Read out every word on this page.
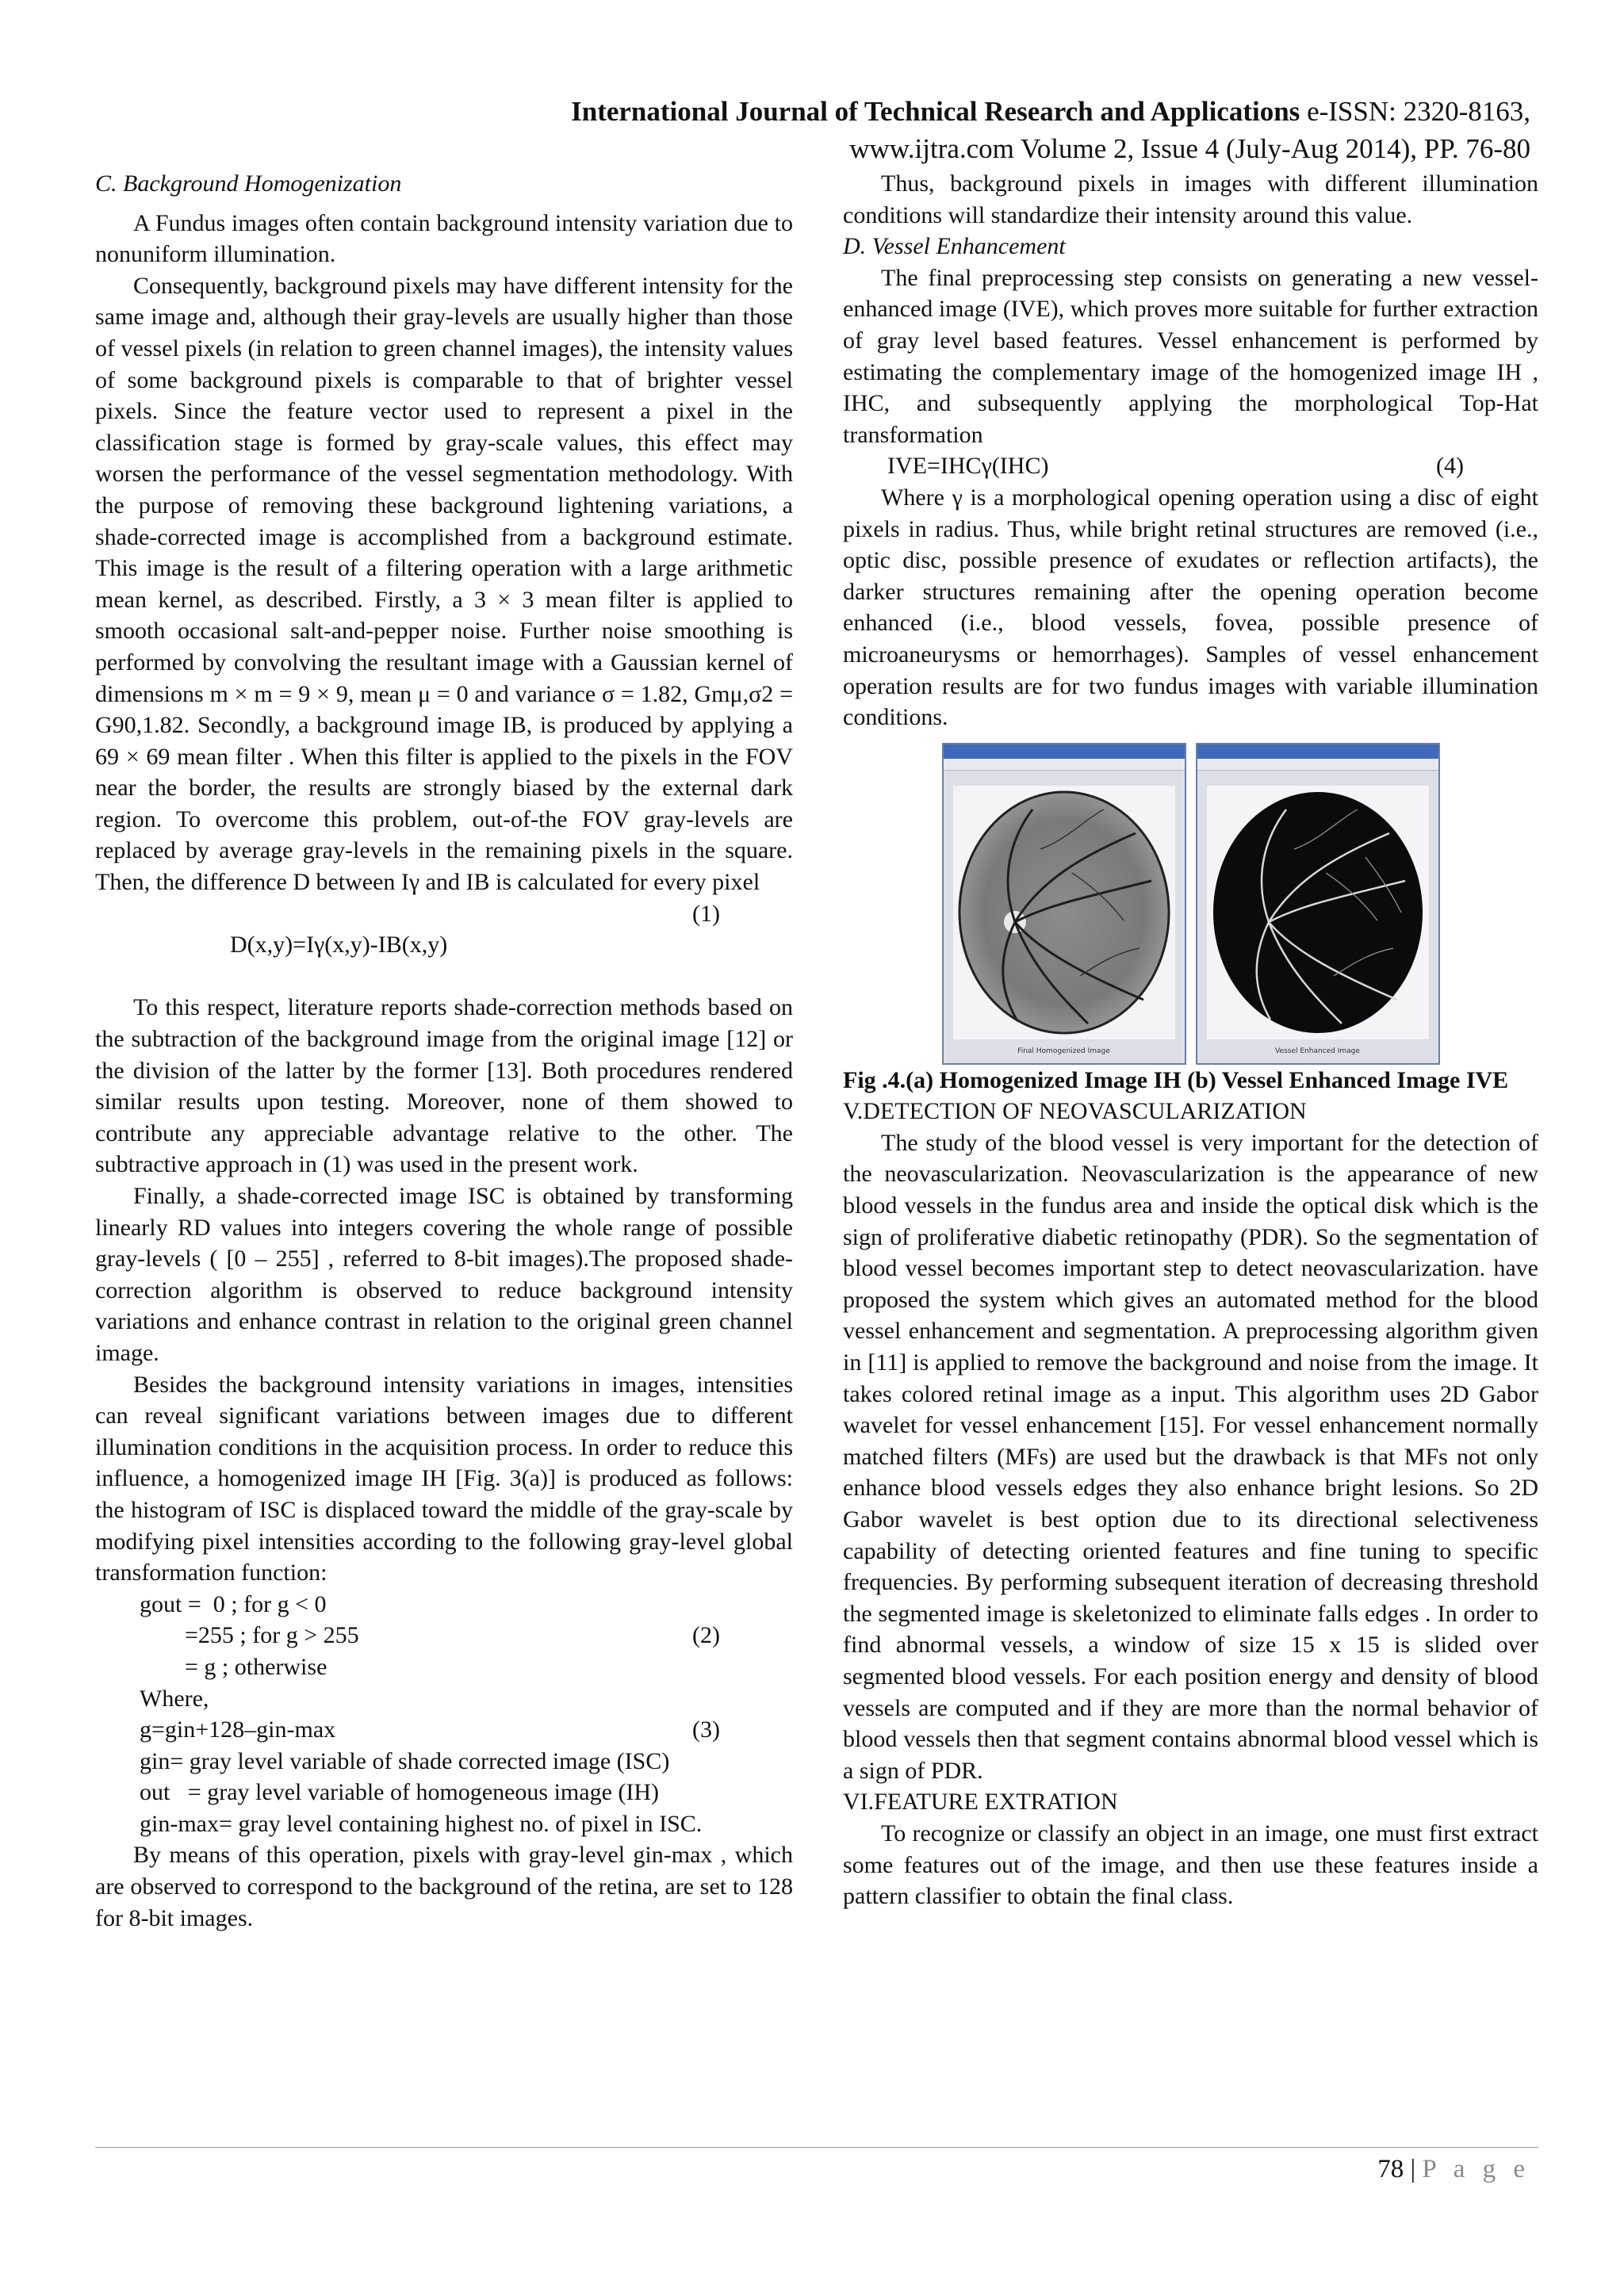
International Journal of Technical Research and Applications e-ISSN: 2320-8163,
www.ijtra.com Volume 2, Issue 4 (July-Aug 2014), PP. 76-80

C. Background Homogenization

A Fundus images often contain background intensity variation due to nonuniform illumination.

Consequently, background pixels may have different intensity for the same image and, although their gray-levels are usually higher than those of vessel pixels (in relation to green channel images), the intensity values of some background pixels is comparable to that of brighter vessel pixels. Since the feature vector used to represent a pixel in the classification stage is formed by gray-scale values, this effect may worsen the performance of the vessel segmentation methodology. With the purpose of removing these background lightening variations, a shade-corrected image is accomplished from a background estimate. This image is the result of a filtering operation with a large arithmetic mean kernel, as described. Firstly, a 3 × 3 mean filter is applied to smooth occasional salt-and-pepper noise. Further noise smoothing is performed by convolving the resultant image with a Gaussian kernel of dimensions m × m = 9 × 9, mean μ = 0 and variance σ = 1.82, Gmμ,σ2 = G90,1.82. Secondly, a background image IB, is produced by applying a 69 × 69 mean filter . When this filter is applied to the pixels in the FOV near the border, the results are strongly biased by the external dark region. To overcome this problem, out-of-the FOV gray-levels are replaced by average gray-levels in the remaining pixels in the square. Then, the difference D between Iγ and IB is calculated for every pixel

D(x,y)=Iγ(x,y)-IB(x,y)
(1)

To this respect, literature reports shade-correction methods based on the subtraction of the background image from the original image [12] or the division of the latter by the former [13]. Both procedures rendered similar results upon testing. Moreover, none of them showed to contribute any appreciable advantage relative to the other. The subtractive approach in (1) was used in the present work.

Finally, a shade-corrected image ISC is obtained by transforming linearly RD values into integers covering the whole range of possible gray-levels ( [0 – 255] , referred to 8-bit images).The proposed shade-correction algorithm is observed to reduce background intensity variations and enhance contrast in relation to the original green channel image.

Besides the background intensity variations in images, intensities can reveal significant variations between images due to different illumination conditions in the acquisition process. In order to reduce this influence, a homogenized image IH [Fig. 3(a)] is produced as follows: the histogram of ISC is displaced toward the middle of the gray-scale by modifying pixel intensities according to the following gray-level global transformation function:

gout =  0 ; for g < 0
=255 ; for g > 255	(2)
= g ; otherwise
Where,
g=gin+128–gin-max	(3)
gin= gray level variable of shade corrected image (ISC)
out   = gray level variable of homogeneous image (IH)
gin-max= gray level containing highest no. of pixel in ISC.

By means of this operation, pixels with gray-level gin-max , which are observed to correspond to the background of the retina, are set to 128 for 8-bit images.

Thus, background pixels in images with different illumination conditions will standardize their intensity around this value.

D. Vessel Enhancement

The final preprocessing step consists on generating a new vessel-enhanced image (IVE), which proves more suitable for further extraction of gray level based features. Vessel enhancement is performed by estimating the complementary image of the homogenized image IH , IHC, and subsequently applying the morphological Top-Hat transformation

IVE=IHCγ(IHC)	(4)

Where γ is a morphological opening operation using a disc of eight pixels in radius. Thus, while bright retinal structures are removed (i.e., optic disc, possible presence of exudates or reflection artifacts), the darker structures remaining after the opening operation become enhanced (i.e., blood vessels, fovea, possible presence of microaneurysms or hemorrhages). Samples of vessel enhancement operation results are for two fundus images with variable illumination conditions.

Final Homogenized Image	Vessel Enhanced Image

Fig .4.(a) Homogenized Image IH (b) Vessel Enhanced Image IVE

V.DETECTION OF NEOVASCULARIZATION

The study of the blood vessel is very important for the detection of the neovascularization. Neovascularization is the appearance of new blood vessels in the fundus area and inside the optical disk which is the sign of proliferative diabetic retinopathy (PDR). So the segmentation of blood vessel becomes important step to detect neovascularization. have proposed the system which gives an automated method for the blood vessel enhancement and segmentation. A preprocessing algorithm given in [11] is applied to remove the background and noise from the image. It takes colored retinal image as a input. This algorithm uses 2D Gabor wavelet for vessel enhancement [15]. For vessel enhancement normally matched filters (MFs) are used but the drawback is that MFs not only enhance blood vessels edges they also enhance bright lesions. So 2D Gabor wavelet is best option due to its directional selectiveness capability of detecting oriented features and fine tuning to specific frequencies. By performing subsequent iteration of decreasing threshold the segmented image is skeletonized to eliminate falls edges . In order to find abnormal vessels, a window of size 15 x 15 is slided over segmented blood vessels. For each position energy and density of blood vessels are computed and if they are more than the normal behavior of blood vessels then that segment contains abnormal blood vessel which is a sign of PDR.

VI.FEATURE EXTRATION

To recognize or classify an object in an image, one must first extract some features out of the image, and then use these features inside a pattern classifier to obtain the final class.

78 | P a g e
